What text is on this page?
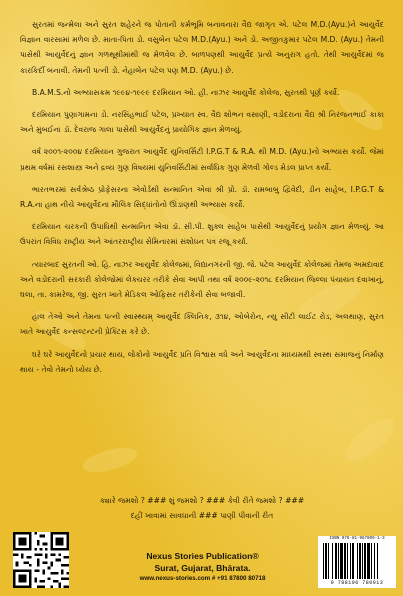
સુરતમાં જન્મેલા અને સુરત શહેરને જ પોતાની કર્મભૂમિ બનાવનારા વૈદ્ય જાગૃત એ. પટેલ M.D.(Ayu.)ને આયુર્વેદ વિજ્ઞાન વારસામાં મળેલ છે. માતા-પિતા ડો. વસુબેન પટેલ M.D.(Ayu.) અને ડો. અજીતકુમાર પટેલ M.D. (Ayu.) તેમની પાસેથી આયુર્વેદનું જ્ઞાન ગળથૂથીમાંથી જ મેળવેલ છે. બાળપણથી આયુર્વેદ પ્રત્યે અનુરાગ હતો. તેથી આયુર્વેદમાં જ કારકિર્દી બનાવી. તેમની પત્ની ડો. નેહાબેન પટેલ પણ M.D. (Ayu.) છે.

B.A.M.S.નો અભ્યાસક્રમ ૧૯૯૪-૧૯૯૯ દરમિયાન ઓ. હી. નાઝર આયુર્વેદ કોલેજ, સુરતથી પૂર્ણ કર્યો.

દરમિયાન પુણાગામના ડો. નરસિંહભાઈ પટેલ, પ્રખ્યાત સ્વ. વૈદ્ય શોભન વસાણી, વડોદરાના વૈદ્ય શ્રી નિરંજનભાઈ કાકા અને મુંબઈના ડૉ. દેવરાજ ગાલા પાસેથી આયુર્વેદનું પ્રાયોગિક જ્ઞાન મેળવ્યું.

વર્ષ ૨૦૦૧-૨૦૦૪ દરમિયાન ગુજરાત આયુર્વેદ યુનિવર્સિટી I.P.G.T & R.A. થી M.D. (Ayu.)નો અભ્યાસ કર્યો. જેમાં પ્રથમ વર્ષમાં રસશાસ્ત્ર અને દ્રવ્ય ગુણ વિષયમાં યુનિવર્સિટીમાં સર્વાધિક ગુણ મેળવી ગોલ્ડ મેડલ પ્રાપ્ત કર્યો.

ભારતભરમાં સર્વશ્રેષ્ઠ પ્રોફેસરના એવોર્ડથી સન્માનિત એવા શ્રી પ્રો. ડૉ. રામબાબુ દ્વિવેદી, ડીન સાહેબ, I.P.G.T & R.A.ના હાથ નીચે આયુર્વેદના મૌલિક સિદ્ધાંતોનો ઊંડાણથી અભ્યાસ કર્યો.

દરમિયાન ચરકની ઉપાધિથી સન્માનિત એવા ડૉ. સી.પી. શુક્લ સાહેબ પાસેથી આયુર્વેદનું પ્રયોગ જ્ઞાન મેળવ્યું. આ ઉપરાંત વિવિધ રાષ્ટ્રીય અને આંતરરાષ્ટ્રીય સેમિનારમાં સંશોધન પત્ર રજૂ કર્યા.

ત્યારબાદ સુરતની ઓ. હિ. નાઝર આયુર્વેદ કોલેજમાં, વિદ્યાનગરની જી. જે. પટેલ આયુર્વેદ કોલેજમાં તેમજ અમદાવાદ અને વડોદરાની સરકારી કોલેજોમાં લેક્ચરર તરીકે સેવા આપી તથા વર્ષ ૨૦૦૯-૨૦૧૮ દરમિયાન જિલ્લા પંચાયત દવાખાનું, ઘલા, તા. કામરેજ, જી. સુરત ખાતે મેડિકલ ઓફિસર તરીકેની સેવા બજાવી.

હાલ તેઓ અને તેમના પત્ની સ્વાસ્થ્યમ્ આયુર્વેદ ક્લિનિક, ૩૧૪, ઓબેરોન, ન્યુ સીટી લાઈટ રોડ, અલથાણ, સુરત ખાતે આયુર્વેદ કન્સલ્ટન્ટની પ્રેક્ટિસ કરે છે.

ઘરે ઘરે આયુર્વેદનો પ્રચાર થાય, લોકોનો આયુર્વેદ પ્રતિ વિશ્વાસ વધે અને આયુર્વેદના માધ્યમથી સ્વસ્થ સમાજનું નિર્માણ થાય - તેવો તેમનો ધ્યેય છે.

ક્યારે જમશો ? ### શું જમશો ? ### કેવી રીતે જમશો ? ###
દહીં ખાવામાં સાવધાની ### પાણી પીવાની રીત
Nexus Stories Publication®
Surat, Gujarat, Bhārata.
www.nexus-stories.com # +91 87800 80718
ISBN 978-81-967809-1-3
9 788196 780913
